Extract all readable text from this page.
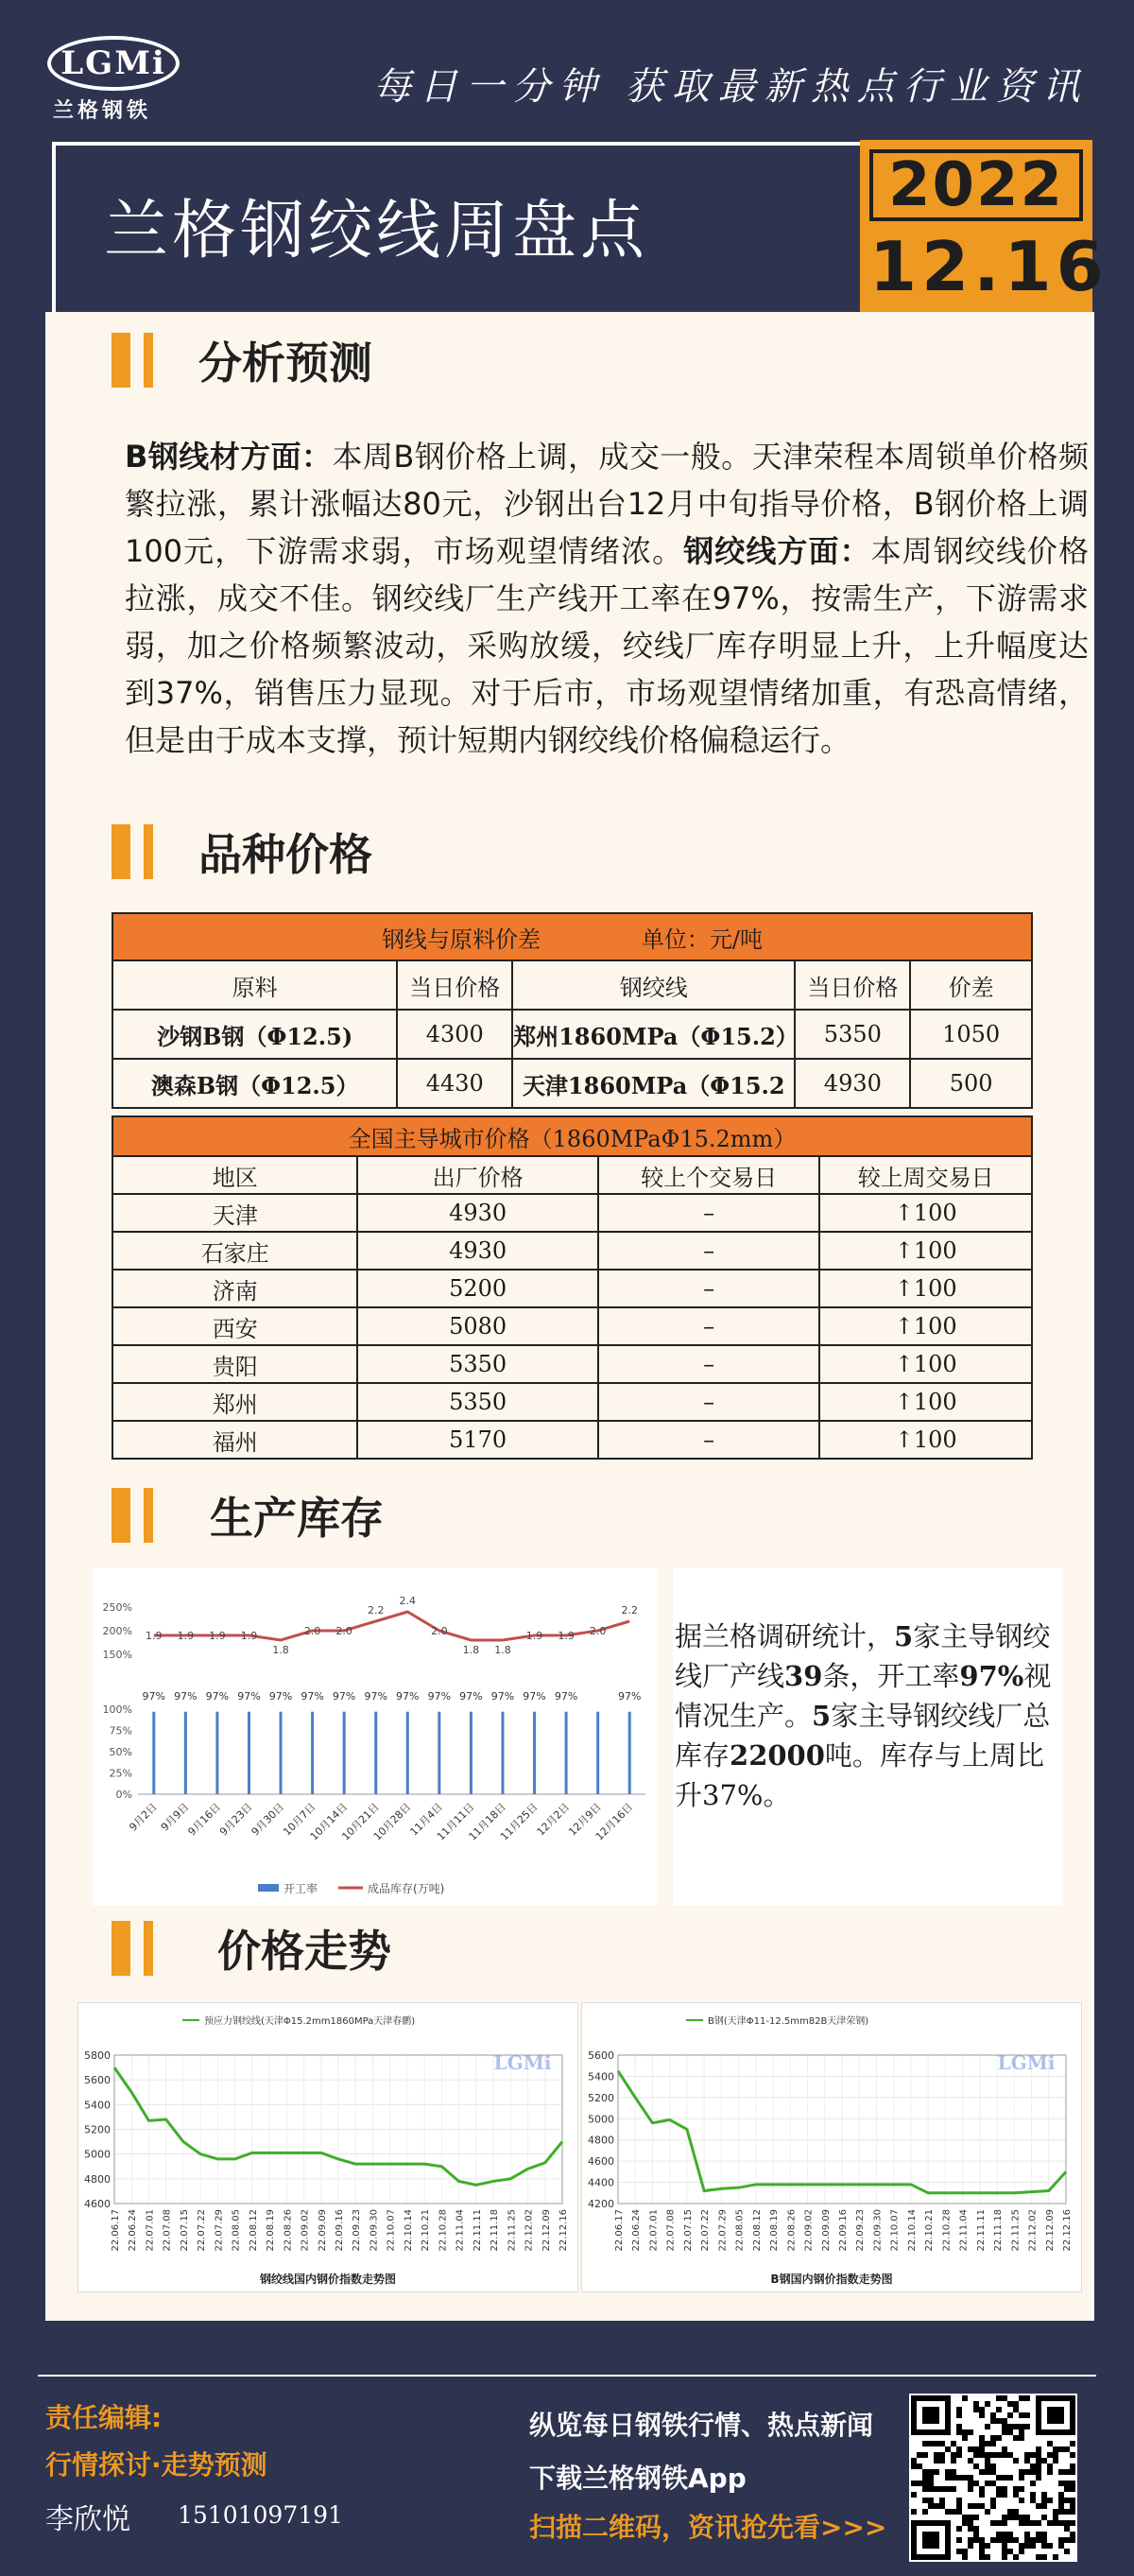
LGMi
兰格钢铁
每日一分钟 获取最新热点行业资讯
兰格钢绞线周盘点
2022
12.16
分析预测
B钢线材方面：本周B钢价格上调，成交一般。天津荣程本周锁单价格频繁拉涨，累计涨幅达80元，沙钢出台12月中旬指导价格，B钢价格上调100元，下游需求弱，市场观望情绪浓。钢绞线方面：本周钢绞线价格拉涨，成交不佳。钢绞线厂生产线开工率在97%，按需生产，下游需求弱，加之价格频繁波动，采购放缓，绞线厂库存明显上升，上升幅度达到37%，销售压力显现。对于后市，市场观望情绪加重，有恐高情绪，但是由于成本支撑，预计短期内钢绞线价格偏稳运行。
品种价格
钢线与原料价差 单位：元/吨				
原料	当日价格	钢绞线	当日价格	价差
沙钢B钢（Φ12.5)	4300	郑州1860MPa（Φ15.2）	5350	1050
澳森B钢（Φ12.5）	4430	天津1860MPa（Φ15.2	4930	500
全国主导城市价格（1860MPaΦ15.2mm）			
地区	出厂价格	较上个交易日	较上周交易日
天津	4930	–	↑100
石家庄	4930	–	↑100
济南	5200	–	↑100
西安	5080	–	↑100
贵阳	5350	–	↑100
郑州	5350	–	↑100
福州	5170	–	↑100
生产库存
250%
200%
150%
100%
75%
50%
25%
0%
97%
9月2日
97%
9月9日
97%
9月16日
97%
9月23日
97%
9月30日
97%
10月7日
97%
10月14日
97%
10月21日
97%
10月28日
97%
11月4日
97%
11月11日
97%
11月18日
97%
11月25日
97%
12月2日
12月9日
97%
12月16日
1.9 1.9 1.9 1.9
1.8
2.0 2.0
2.2
2.4
2.0
1.8 1.8
1.9 1.9 2.0
2.2
开工率	成品库存(万吨)
据兰格调研统计，5家主导钢绞线厂产线39条，开工率97%视情况生产。5家主导钢绞线厂总库存22000吨。库存与上周比升37%。
价格走势
预应力钢绞线(天津Φ15.2mm1860MPa天津春鹏)
5800
5600
5400
5200
5000
4800
4600
22.06.17 22.06.24 22.07.01 22.07.08 22.07.15 22.07.22 22.07.29 22.08.05 22.08.12 22.08.19 22.08.26 22.09.02 22.09.09 22.09.16 22.09.23 22.09.30 22.10.07 22.10.14 22.10.21 22.10.28 22.11.04 22.11.11 22.11.18 22.11.25 22.12.02 22.12.09 22.12.16
LGMi
钢绞线国内钢价指数走势图
B钢(天津Φ11-12.5mm82B天津荣钢)
5600
5400
5200
5000
4800
4600
4400
4200
22.06.17 22.06.24 22.07.01 22.07.08 22.07.15 22.07.22 22.07.29 22.08.05 22.08.12 22.08.19 22.08.26 22.09.02 22.09.09 22.09.16 22.09.23 22.09.30 22.10.07 22.10.14 22.10.21 22.10.28 22.11.04 22.11.11 22.11.18 22.11.25 22.12.02 22.12.09 22.12.16
LGMi
B钢国内钢价指数走势图
责任编辑:
行情探讨·走势预测
李欣悦 15101097191
纵览每日钢铁行情、热点新闻
下载兰格钢铁App
扫描二维码，资讯抢先看>>>
